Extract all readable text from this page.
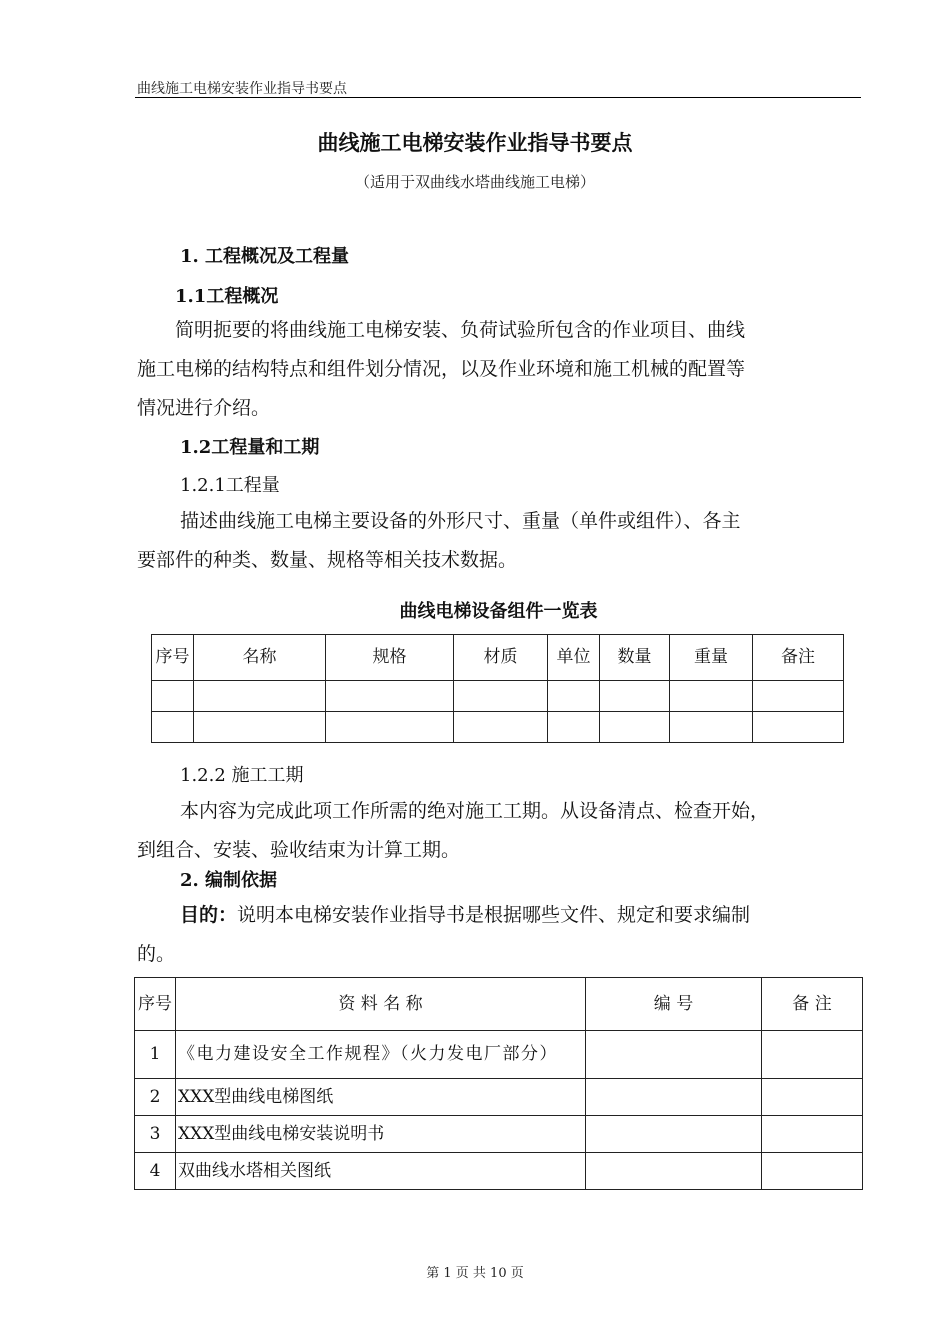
曲线施工电梯安装作业指导书要点
曲线施工电梯安装作业指导书要点
（适用于双曲线水塔曲线施工电梯）
1. 工程概况及工程量
1.1工程概况
简明扼要的将曲线施工电梯安装、负荷试验所包含的作业项目、曲线
施工电梯的结构特点和组件划分情况，以及作业环境和施工机械的配置等
情况进行介绍。
1.2工程量和工期
1.2.1工程量
描述曲线施工电梯主要设备的外形尺寸、重量（单件或组件）、各主
要部件的种类、数量、规格等相关技术数据。
曲线电梯设备组件一览表
序号	名称	规格	材质	单位	数量	重量	备注

1.2.2 施工工期
本内容为完成此项工作所需的绝对施工工期。从设备清点、检查开始，
到组合、安装、验收结束为计算工期。
2. 编制依据
目的：说明本电梯安装作业指导书是根据哪些文件、规定和要求编制
的。
序号	资 料 名 称	编 号	备 注
1	《电力建设安全工作规程》（火力发电厂部分）		
2	XXX型曲线电梯图纸		
3	XXX型曲线电梯安装说明书		
4	双曲线水塔相关图纸		
第 1 页 共 10 页
